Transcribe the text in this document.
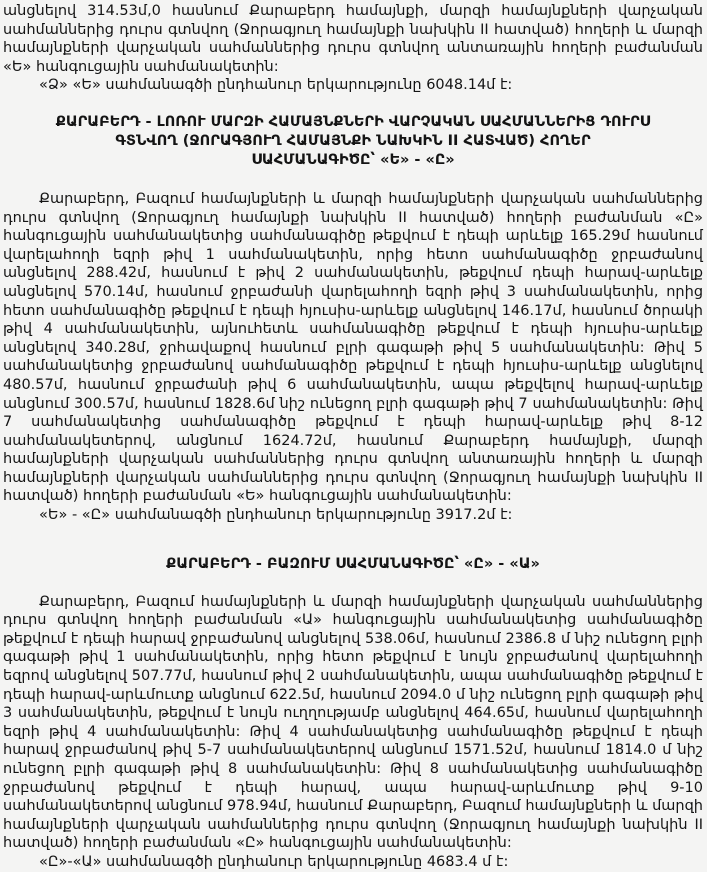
անցնելով 314.53մ,0 հասնում Քարաբերդ համայնքի, մարզի համայնքների վարչական սահմաններից դուրս գտնվող (Ջորագյուղ համայնքի նախկին II հատված) հողերի և մարզի համայնքների վարչական սահմաններից դուրս գտնվող անտառային հողերի բաժանման «Ե» հանգուցային սահմանակետին:

«Ձ» «Ե» սահմանագծի ընդհանուր երկարությունը 6048.14մ է:

ՔԱՐԱԲԵՐԴ - ԼՈՌՈՒ ՄԱՐԶԻ ՀԱՄԱՅՆՔՆԵՐԻ ՎԱՐՉԱԿԱՆ ՍԱՀՄԱՆՆԵՐԻՑ ԴՈՒՐՍ ԳՏՆՎՈՂ (ՋՈՐԱԳՅՈՒՂ ՀԱՄԱՅՆՔԻ ՆԱԽԿԻՆ II ՀԱՏՎԱԾ) ՀՈՂԵՐ ՍԱՀՄԱՆԱԳԻԾԸ՝ «Ե» - «Ը»

Քարաբերդ, Բազում համայնքների և մարզի համայնքների վարչական սահմաններից դուրս գտնվող (Ջորագյուղ համայնքի նախկին II հատված) հողերի բաժանման «Ը» հանգուցային սահմանակետից սահմանագիծը թեքվում է դեպի արևելք 165.29մ հասնում վարելահողի եզրի թիվ 1 սահմանակետին, որից հետո սահմանագիծը ջրբաժանով անցնելով 288.42մ, հասնում է թիվ 2 սահմանակետին, թեքվում դեպի հարավ-արևելք անցնելով 570.14մ, հասնում ջրբաժանի վարելահողի եզրի թիվ 3 սահմանակետին, որից հետո սահմանագիծը թեքվում է դեպի հյուսիս-արևելք անցնելով 146.17մ, հասնում ծորակի թիվ 4 սահմանակետին, այնուհետև սահմանագիծը թեքվում է դեպի հյուսիս-արևելք անցնելով 340.28մ, ջրհավաքով հասնում բլրի գագաթի թիվ 5 սահմանակետին: Թիվ 5 սահմանակետից ջրբաժանով սահմանագիծը թեքվում է դեպի հյուսիս-արևելք անցնելով 480.57մ, հասնում ջրբաժանի թիվ 6 սահմանակետին, ապա թեքվելով հարավ-արևելք անցնում 300.57մ, հասնում 1828.6մ նիշ ունեցող բլրի գագաթի թիվ 7 սահմանակետին: Թիվ 7 սահմանակետից սահմանագիծը թեքվում է դեպի հարավ-արևելք թիվ 8-12 սահմանակետերով, անցնում 1624.72մ, հասնում Քարաբերդ համայնքի, մարզի համայնքների վարչական սահմաններից դուրս գտնվող անտառային հողերի և մարզի համայնքների վարչական սահմաններից դուրս գտնվող (Ջորագյուղ համայնքի նախկին II հատված) հողերի բաժանման «Ե» հանգուցային սահմանակետին:

«Ե» - «Ը» սահմանագծի ընդհանուր երկարությունը 3917.2մ է:

ՔԱՐԱԲԵՐԴ - ԲԱԶՈՒՄ ՍԱՀՄԱՆԱԳԻԾԸ՝ «Ը» - «Ա»

Քարաբերդ, Բազում համայնքների և մարզի համայնքների վարչական սահմաններից դուրս գտնվող հողերի բաժանման «Ա» հանգուցային սահմանակետից սահմանագիծը թեքվում է դեպի հարավ ջրբաժանով անցնելով 538.06մ, հասնում 2386.8 մ նիշ ունեցող բլրի գագաթի թիվ 1 սահմանակետին, որից հետո թեքվում է նույն ջրբաժանով վարելահողի եզրով անցնելով 507.77մ, հասնում թիվ 2 սահմանակետին, ապա սահմանագիծը թեքվում է դեպի հարավ-արևմուտք անցնում 622.5մ, հասնում 2094.0 մ նիշ ունեցող բլրի գագաթի թիվ 3 սահմանակետին, թեքվում է նույն ուղղությամբ անցնելով 464.65մ, հասնում վարելահողի եզրի թիվ 4 սահմանակետին: Թիվ 4 սահմանակետից սահմանագիծը թեքվում է դեպի հարավ ջրբաժանով թիվ 5-7 սահմանակետերով անցնում 1571.52մ, հասնում 1814.0 մ նիշ ունեցող բլրի գագաթի թիվ 8 սահմանակետին: Թիվ 8 սահմանակետից սահմանագիծը ջրբաժանով թեքվում է դեպի հարավ, ապա հարավ-արևմուտք թիվ 9-10 սահմանակետերով անցնում 978.94մ, հասնում Քարաբերդ, Բազում համայնքների և մարզի համայնքների վարչական սահմաններից դուրս գտնվող (Ջորագյուղ համայնքի նախկին II հատված) հողերի բաժանման «Ը» հանգուցային սահմանակետին:

«Ը»-«Ա» սահմանագծի ընդհանուր երկարությունը 4683.4 մ է:
